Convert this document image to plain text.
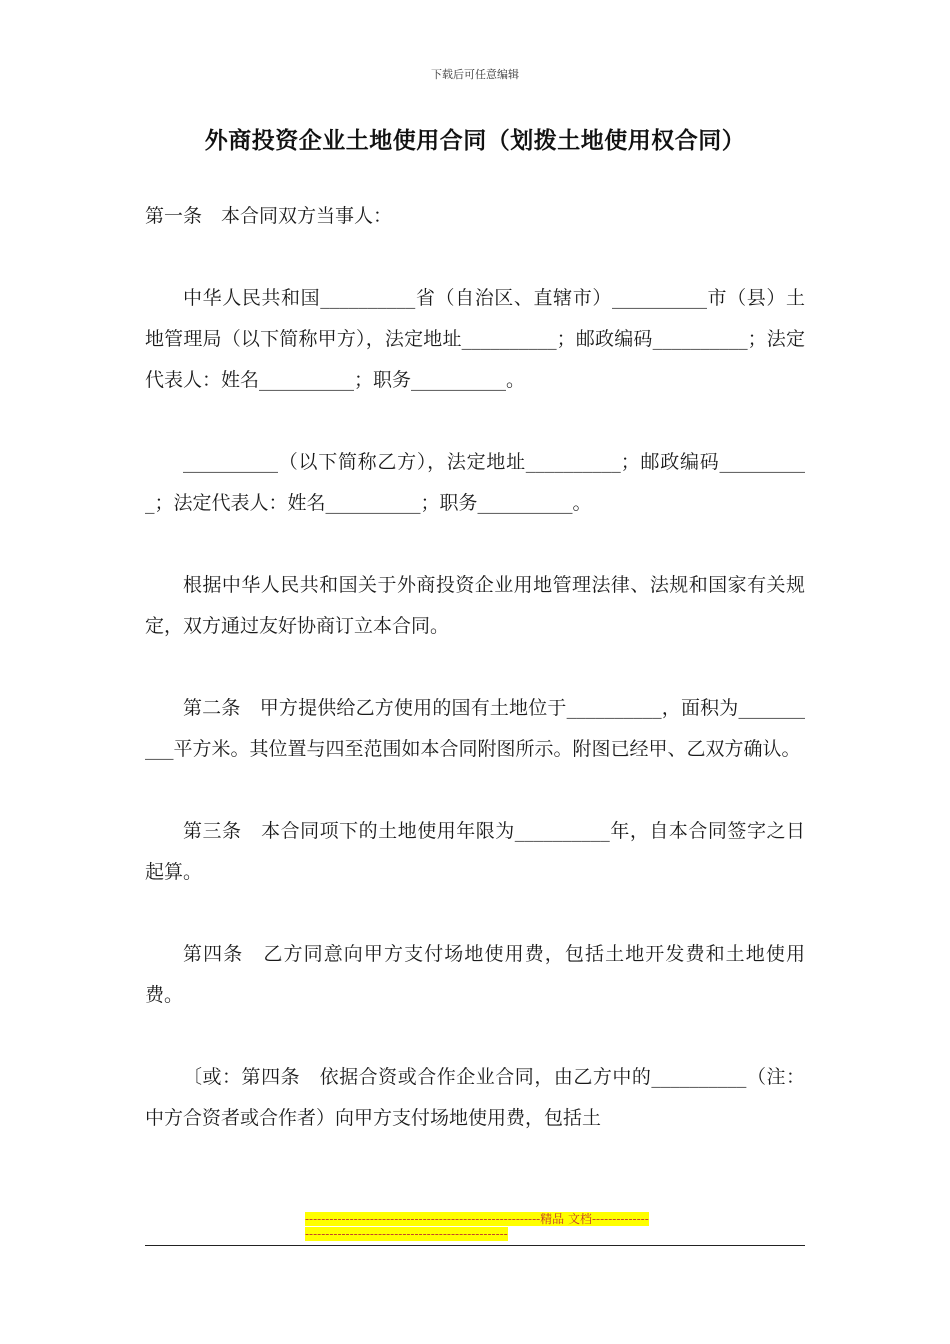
下载后可任意编辑
外商投资企业土地使用合同（划拨土地使用权合同）

第一条　本合同双方当事人：

中华人民共和国__________省（自治区、直辖市）__________市（县）土地管理局（以下简称甲方），法定地址__________；邮政编码__________；法定代表人：姓名__________；职务__________。

__________（以下简称乙方），法定地址__________；邮政编码__________；法定代表人：姓名__________；职务__________。

根据中华人民共和国关于外商投资企业用地管理法律、法规和国家有关规定，双方通过友好协商订立本合同。

第二条　甲方提供给乙方使用的国有土地位于__________，面积为__________平方米。其位置与四至范围如本合同附图所示。附图已经甲、乙双方确认。

第三条　本合同项下的土地使用年限为__________年，自本合同签字之日起算。

第四条　乙方同意向甲方支付场地使用费，包括土地开发费和土地使用费。

〔或：第四条　依据合资或合作企业合同，由乙方中的__________（注：中方合资者或合作者）向甲方支付场地使用费，包括土

----------------------------------------------------------精品 文档----------------------------------------------------------------
